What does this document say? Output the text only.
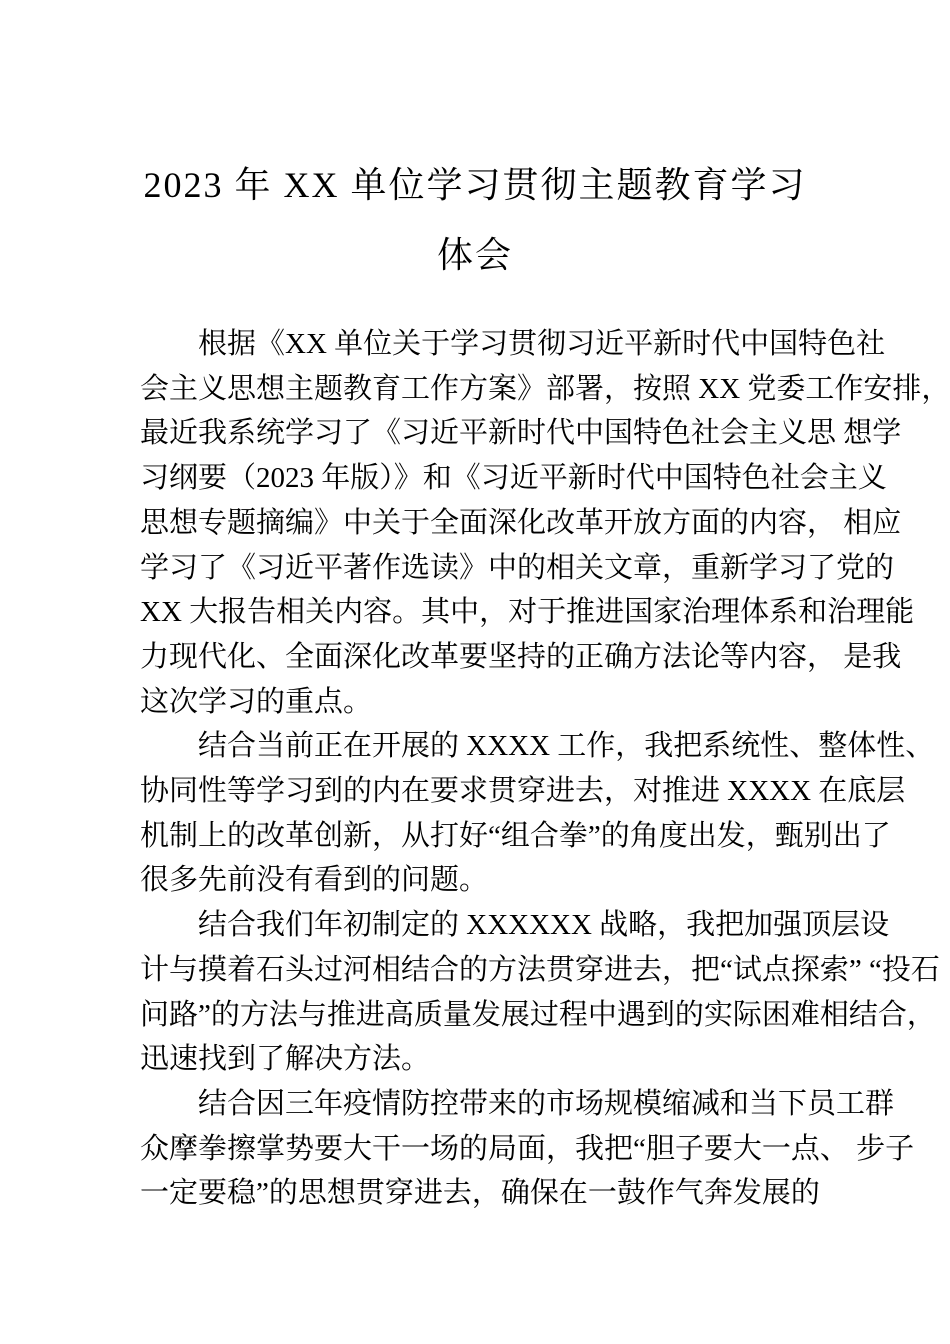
2023 年 XX 单位学习贯彻主题教育学习
体会
根据《XX 单位关于学习贯彻习近平新时代中国特色社
会主义思想主题教育工作方案》部署，按照 XX 党委工作安排，
最近我系统学习了《习近平新时代中国特色社会主义思 想学
习纲要（2023 年版）》和《习近平新时代中国特色社会主义
思想专题摘编》中关于全面深化改革开放方面的内容， 相应
学习了《习近平著作选读》中的相关文章，重新学习了党的
XX 大报告相关内容。其中，对于推进国家治理体系和治理能
力现代化、全面深化改革要坚持的正确方法论等内容， 是我
这次学习的重点。
结合当前正在开展的 XXXX 工作，我把系统性、整体性、
协同性等学习到的内在要求贯穿进去，对推进 XXXX 在底层
机制上的改革创新，从打好“组合拳”的角度出发，甄别出了
很多先前没有看到的问题。
结合我们年初制定的 XXXXXX 战略，我把加强顶层设
计与摸着石头过河相结合的方法贯穿进去，把“试点探索” “投石
问路”的方法与推进高质量发展过程中遇到的实际困难相结合，
迅速找到了解决方法。
结合因三年疫情防控带来的市场规模缩减和当下员工群
众摩拳擦掌势要大干一场的局面，我把“胆子要大一点、 步子
一定要稳”的思想贯穿进去，确保在一鼓作气奔发展的
